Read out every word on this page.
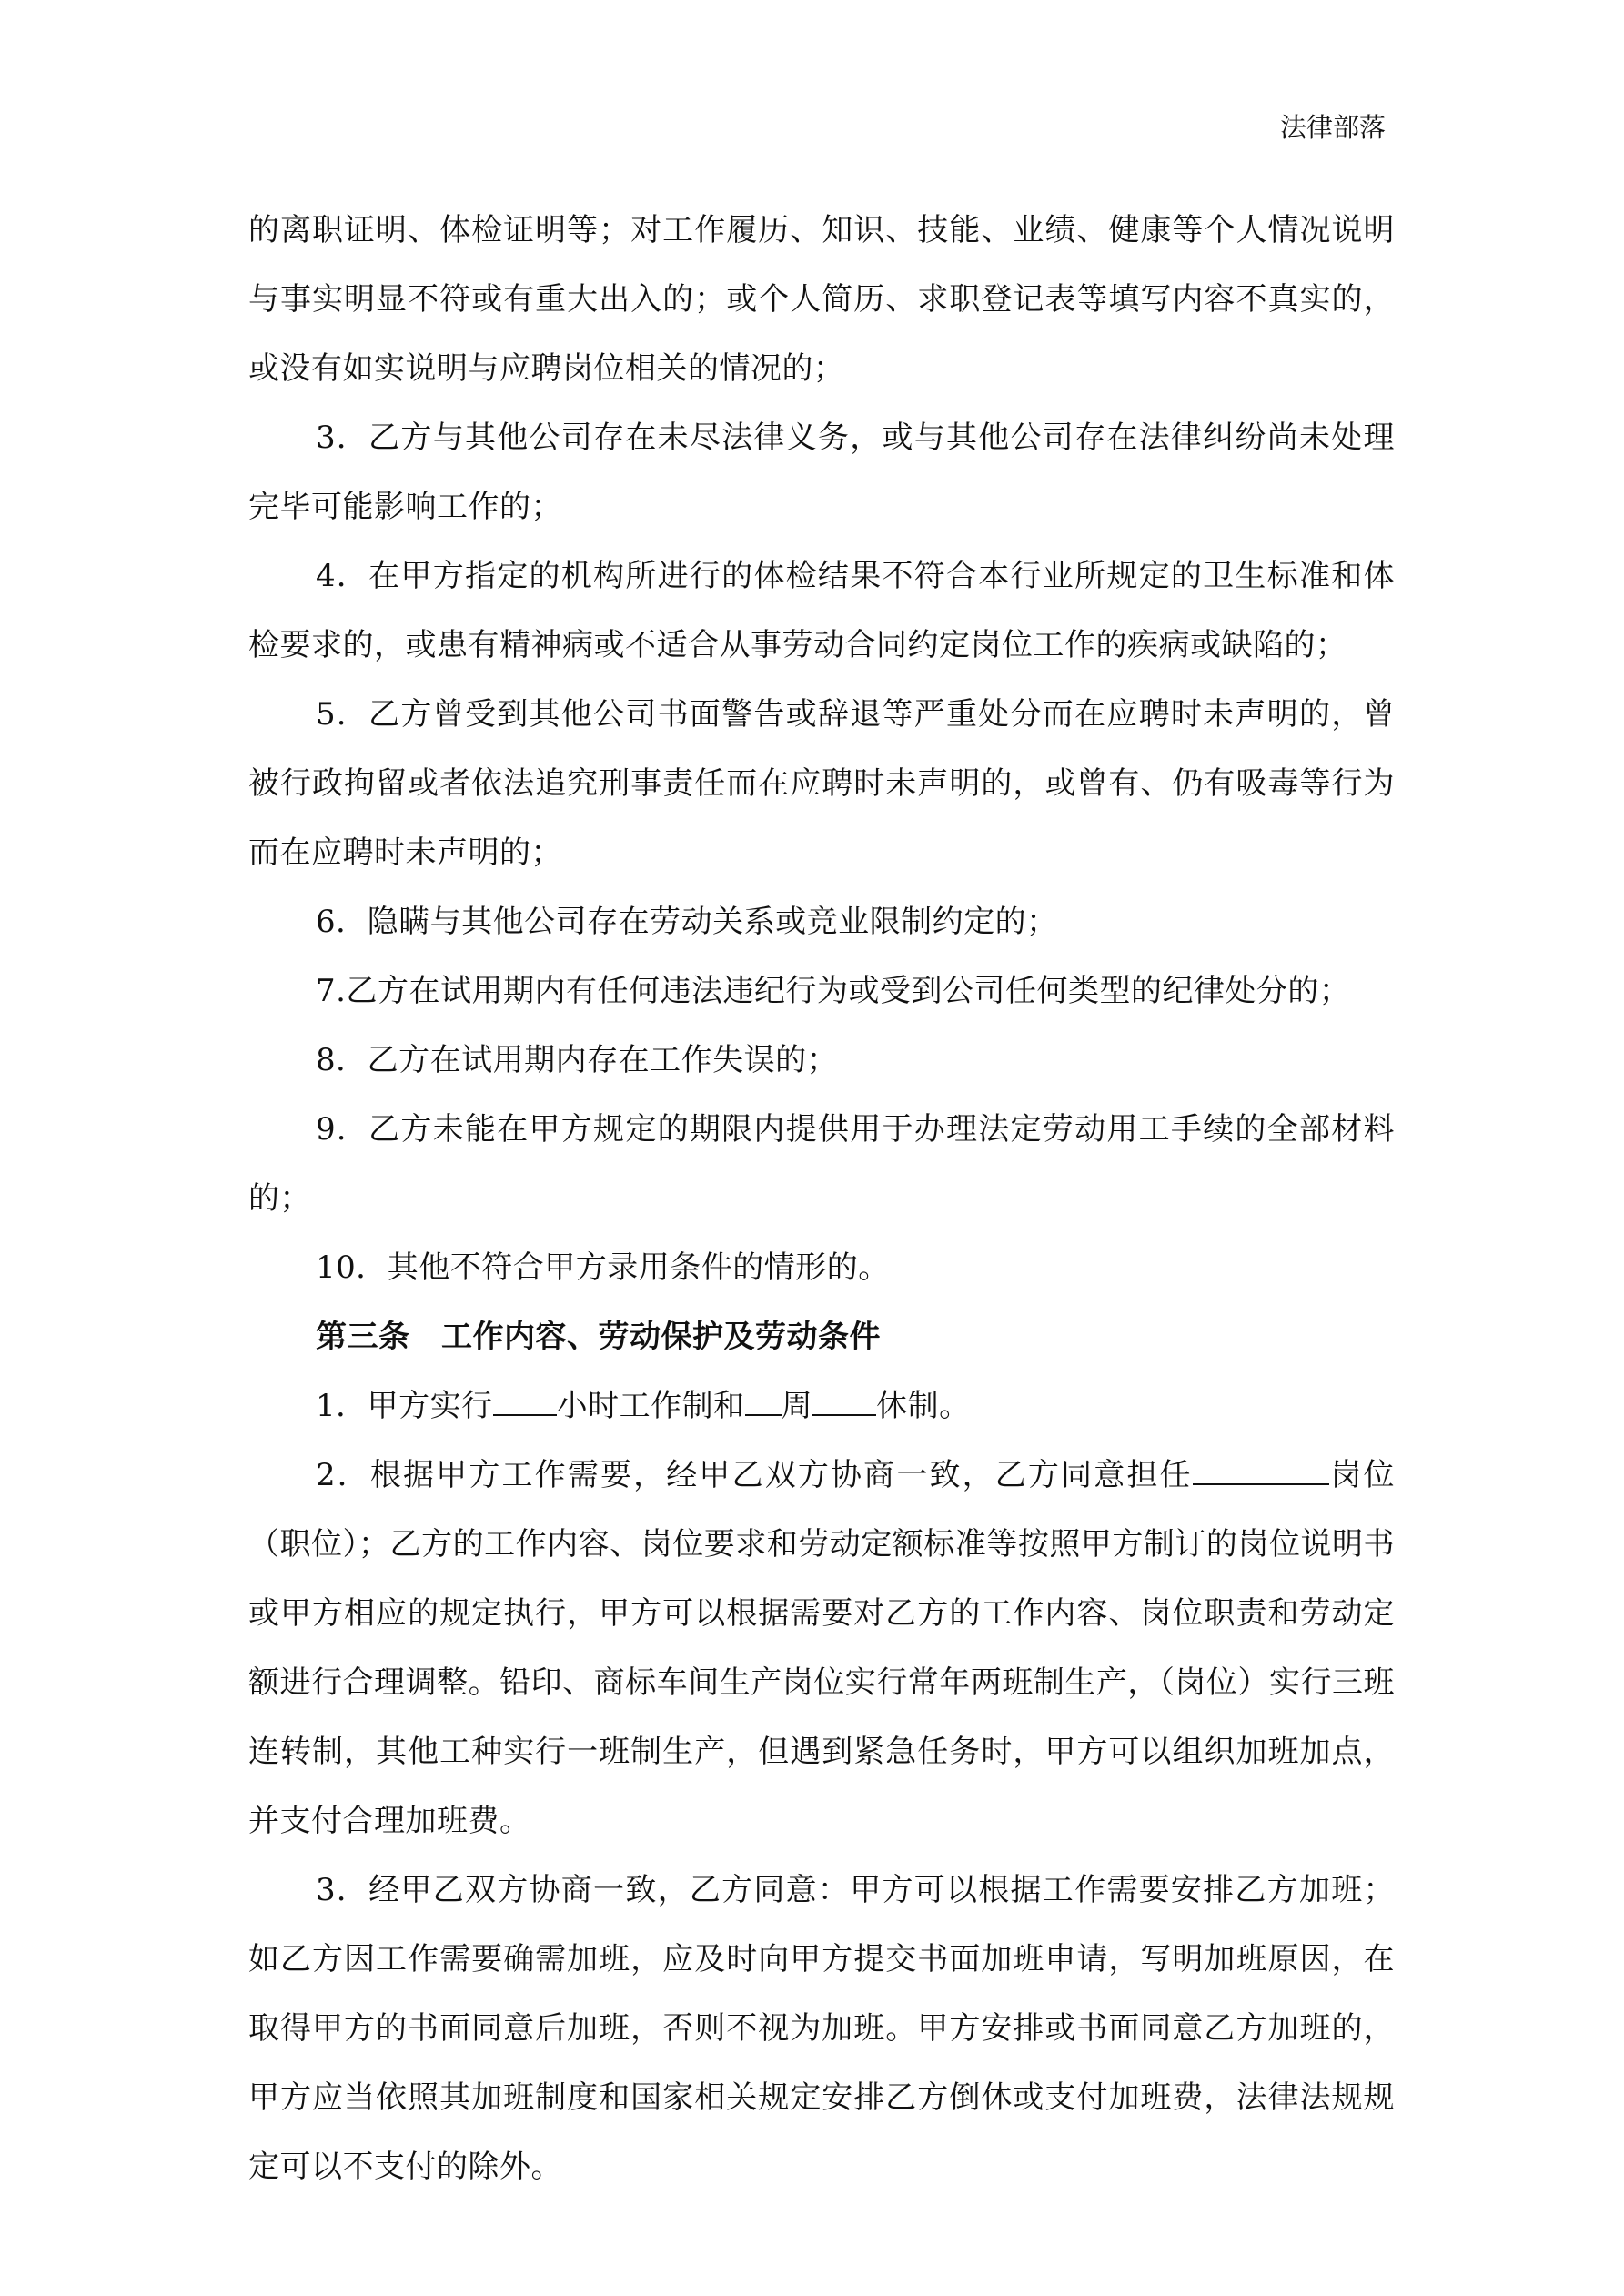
法律部落

的离职证明、体检证明等；对工作履历、知识、技能、业绩、健康等个人情况说明与事实明显不符或有重大出入的；或个人简历、求职登记表等填写内容不真实的，或没有如实说明与应聘岗位相关的情况的；

3．乙方与其他公司存在未尽法律义务，或与其他公司存在法律纠纷尚未处理完毕可能影响工作的；

4．在甲方指定的机构所进行的体检结果不符合本行业所规定的卫生标准和体检要求的，或患有精神病或不适合从事劳动合同约定岗位工作的疾病或缺陷的；

5．乙方曾受到其他公司书面警告或辞退等严重处分而在应聘时未声明的，曾被行政拘留或者依法追究刑事责任而在应聘时未声明的，或曾有、仍有吸毒等行为而在应聘时未声明的；

6．隐瞒与其他公司存在劳动关系或竞业限制约定的；

7.乙方在试用期内有任何违法违纪行为或受到公司任何类型的纪律处分的；

8．乙方在试用期内存在工作失误的；

9．乙方未能在甲方规定的期限内提供用于办理法定劳动用工手续的全部材料的；

10．其他不符合甲方录用条件的情形的。

第三条　工作内容、劳动保护及劳动条件

1．甲方实行 小时工作制和 周 休制。

2．根据甲方工作需要，经甲乙双方协商一致，乙方同意担任	岗位（职位）；乙方的工作内容、岗位要求和劳动定额标准等按照甲方制订的岗位说明书或甲方相应的规定执行，甲方可以根据需要对乙方的工作内容、岗位职责和劳动定额进行合理调整。铅印、商标车间生产岗位实行常年两班制生产，（岗位）实行三班连转制，其他工种实行一班制生产，但遇到紧急任务时，甲方可以组织加班加点，并支付合理加班费。

3．经甲乙双方协商一致，乙方同意：甲方可以根据工作需要安排乙方加班；如乙方因工作需要确需加班，应及时向甲方提交书面加班申请，写明加班原因，在取得甲方的书面同意后加班，否则不视为加班。甲方安排或书面同意乙方加班的，甲方应当依照其加班制度和国家相关规定安排乙方倒休或支付加班费，法律法规规定可以不支付的除外。
